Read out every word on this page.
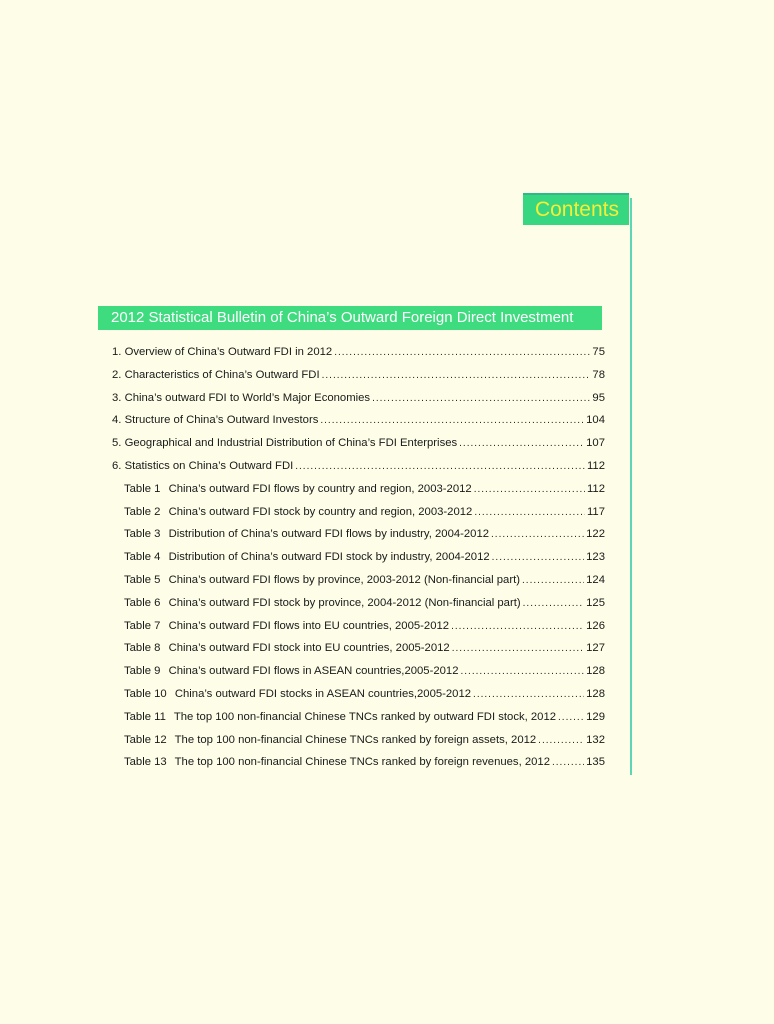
Contents
2012 Statistical Bulletin of China’s Outward Foreign Direct Investment
1. Overview of China’s Outward FDI in 2012 .....	75
2. Characteristics of China’s Outward FDI .....	78
3. China’s outward FDI to World’s Major Economies .....	95
4. Structure of China’s Outward Investors .....	104
5. Geographical and Industrial Distribution of China’s FDI Enterprises .....	107
6. Statistics on China’s Outward FDI .....	112
Table 1 China’s outward FDI flows by country and region, 2003-2012 .....	112
Table 2 China’s outward FDI stock by country and region, 2003-2012 .....	117
Table 3 Distribution of China’s outward FDI flows by industry, 2004-2012 .....	122
Table 4 Distribution of China’s outward FDI stock by industry, 2004-2012 .....	123
Table 5 China’s outward FDI flows by province, 2003-2012 (Non-financial part) .....	124
Table 6 China’s outward FDI stock by province, 2004-2012 (Non-financial part) .....	125
Table 7 China’s outward FDI flows into EU countries, 2005-2012 .....	126
Table 8 China’s outward FDI stock into EU countries, 2005-2012 .....	127
Table 9 China’s outward FDI flows in ASEAN countries,2005-2012 .....	128
Table 10 China’s outward FDI stocks in ASEAN countries,2005-2012 .....	128
Table 11 The top 100 non-financial Chinese TNCs ranked by outward FDI stock, 2012 .....	129
Table 12 The top 100 non-financial Chinese TNCs ranked by foreign assets, 2012 .....	132
Table 13 The top 100 non-financial Chinese TNCs ranked by foreign revenues, 2012 .....	135
